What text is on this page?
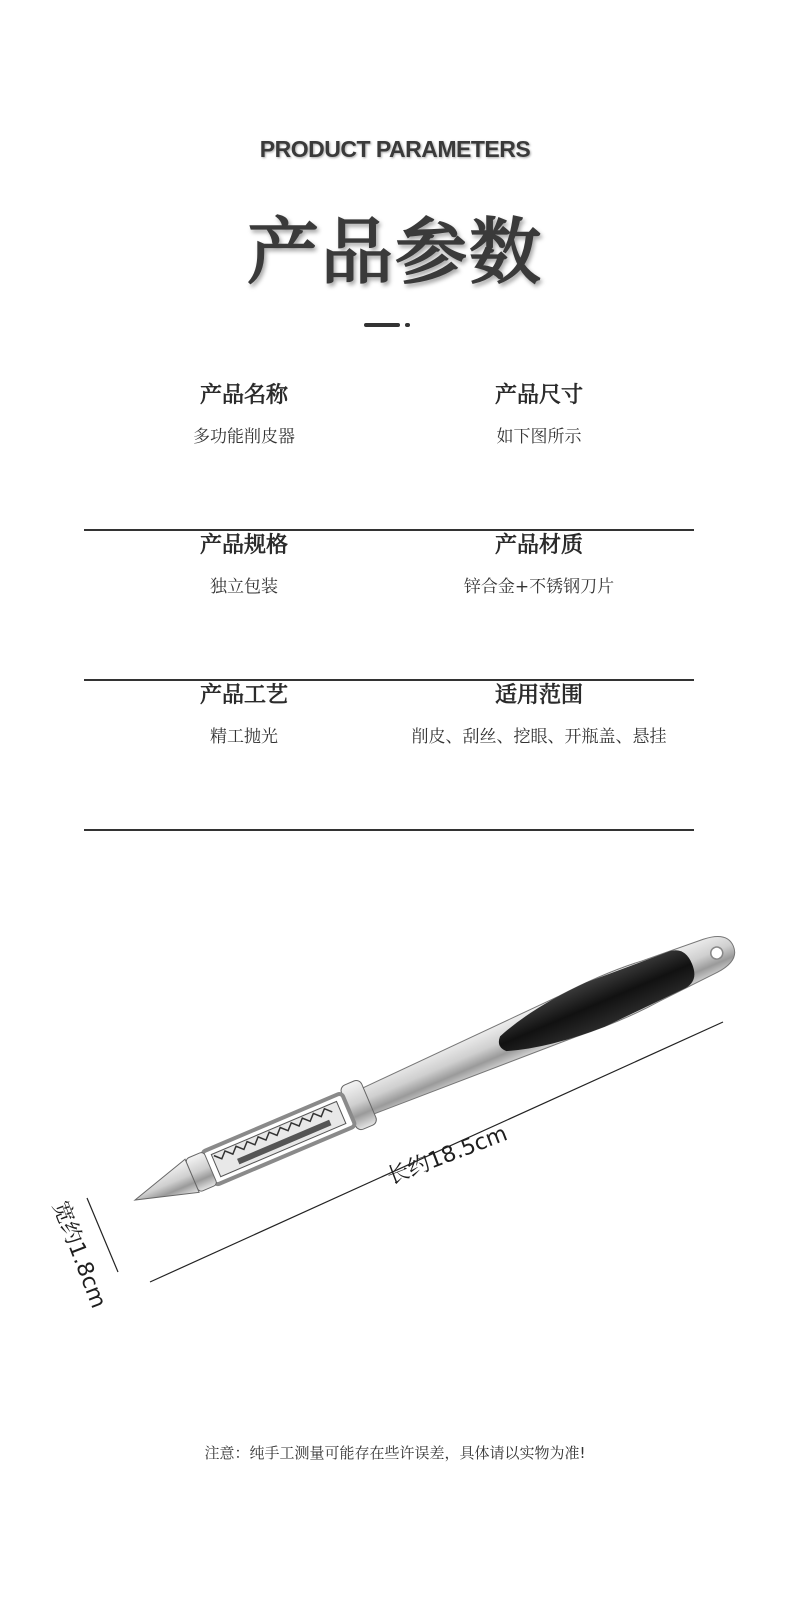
PRODUCT PARAMETERS
产品参数
产品名称
多功能削皮器
产品尺寸
如下图所示
产品规格
独立包装
产品材质
锌合金+不锈钢刀片
产品工艺
精工抛光
适用范围
削皮、刮丝、挖眼、开瓶盖、悬挂
长约18.5cm
宽约1.8cm
注意：纯手工测量可能存在些许误差，具体请以实物为准!
